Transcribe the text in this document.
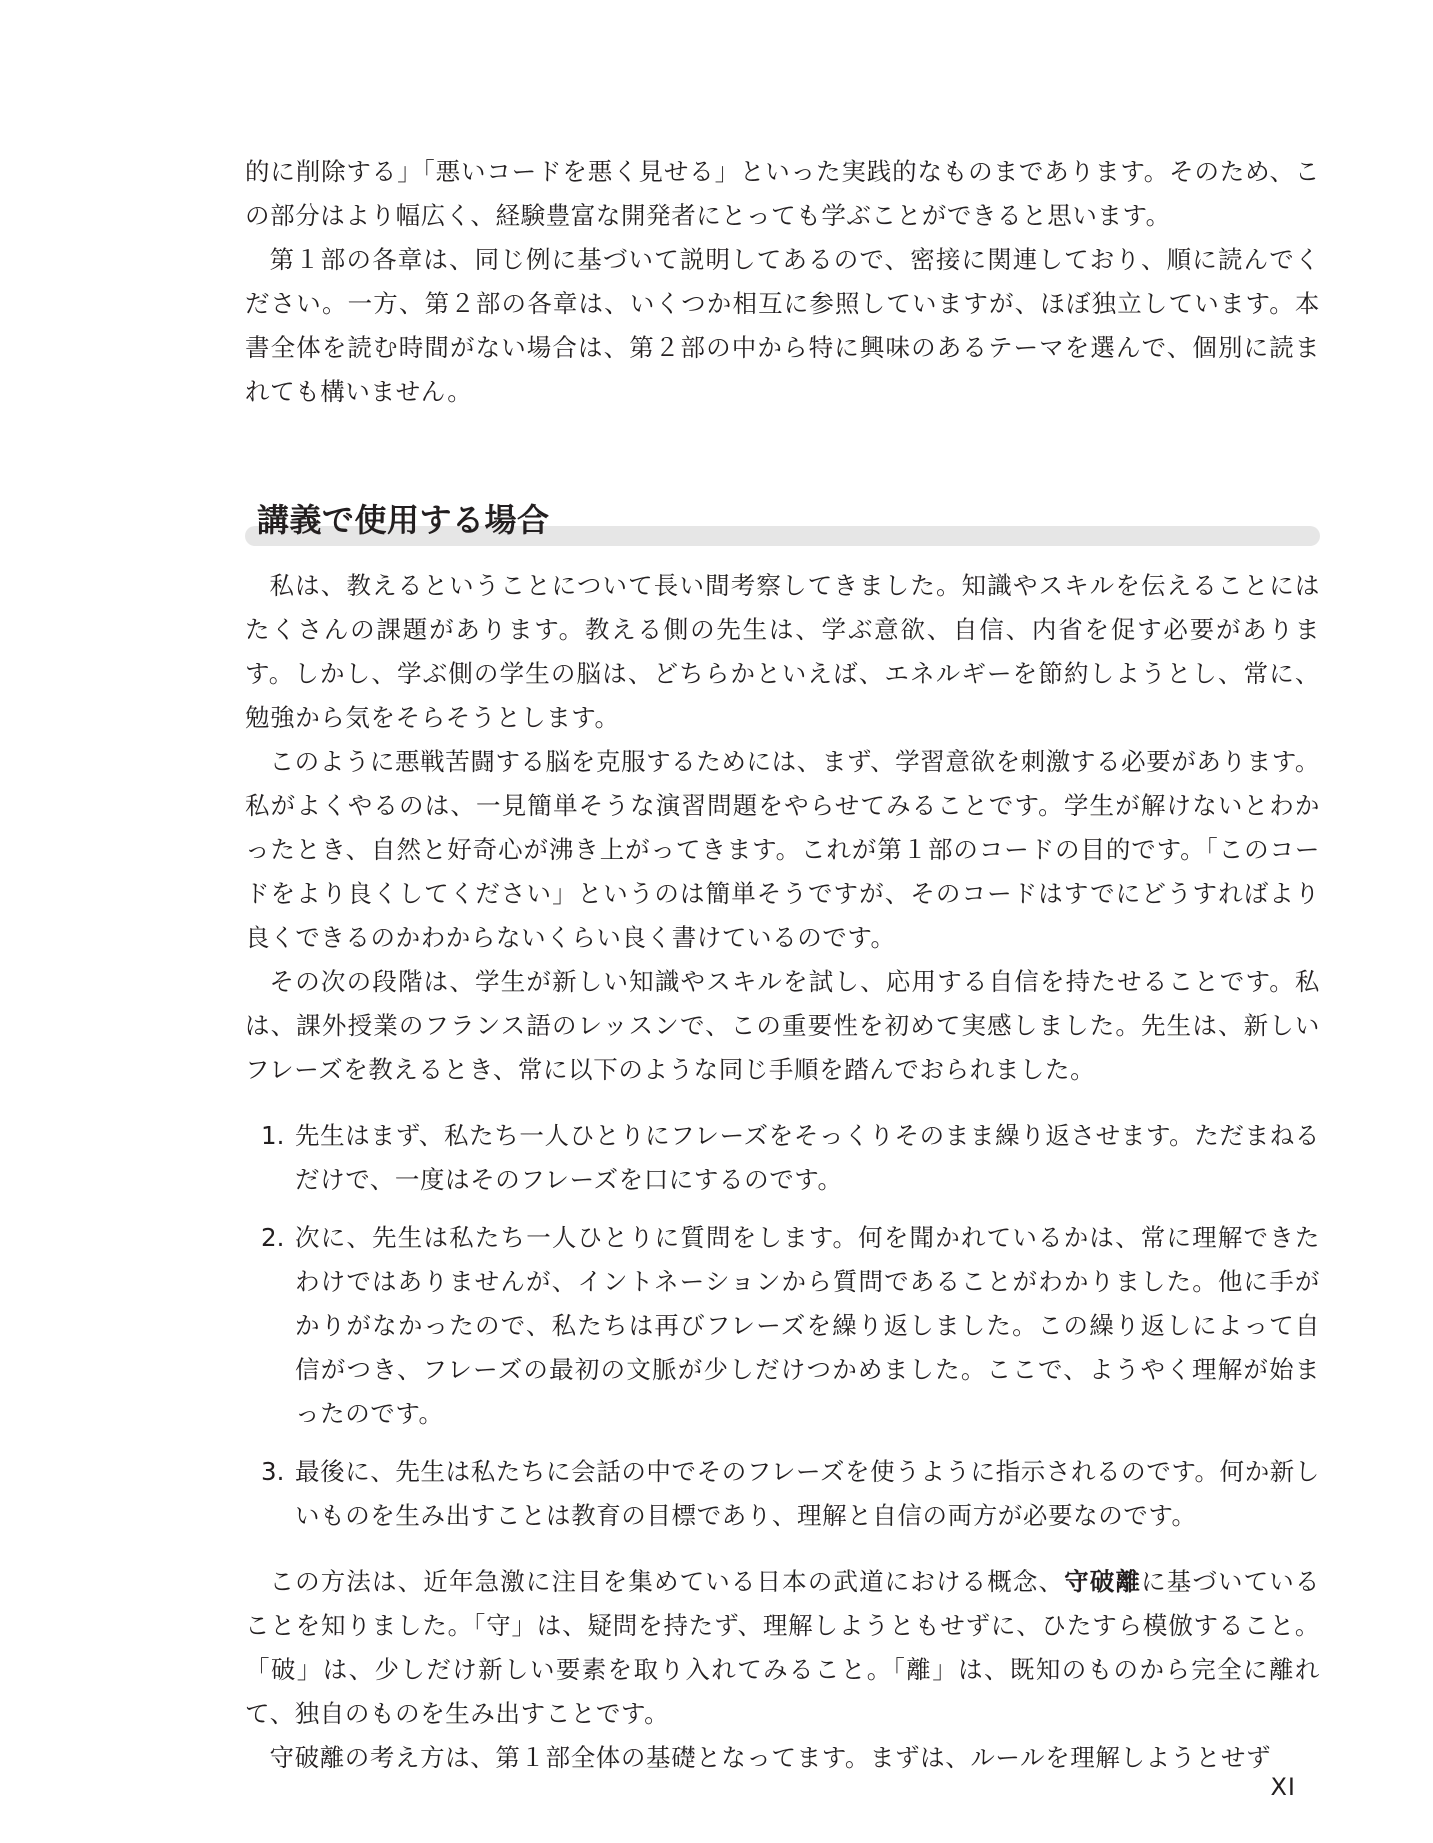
的に削除する」「悪いコードを悪く見せる」といった実践的なものまであります。そのため、この部分はより幅広く、経験豊富な開発者にとっても学ぶことができると思います。

第１部の各章は、同じ例に基づいて説明してあるので、密接に関連しており、順に読んでください。一方、第２部の各章は、いくつか相互に参照していますが、ほぼ独立しています。本書全体を読む時間がない場合は、第２部の中から特に興味のあるテーマを選んで、個別に読まれても構いません。

講義で使用する場合

私は、教えるということについて長い間考察してきました。知識やスキルを伝えることにはたくさんの課題があります。教える側の先生は、学ぶ意欲、自信、内省を促す必要があります。しかし、学ぶ側の学生の脳は、どちらかといえば、エネルギーを節約しようとし、常に、勉強から気をそらそうとします。

このように悪戦苦闘する脳を克服するためには、まず、学習意欲を刺激する必要があります。私がよくやるのは、一見簡単そうな演習問題をやらせてみることです。学生が解けないとわかったとき、自然と好奇心が沸き上がってきます。これが第１部のコードの目的です。「このコードをより良くしてください」というのは簡単そうですが、そのコードはすでにどうすればより良くできるのかわからないくらい良く書けているのです。

その次の段階は、学生が新しい知識やスキルを試し、応用する自信を持たせることです。私は、課外授業のフランス語のレッスンで、この重要性を初めて実感しました。先生は、新しいフレーズを教えるとき、常に以下のような同じ手順を踏んでおられました。

1. 先生はまず、私たち一人ひとりにフレーズをそっくりそのまま繰り返させます。ただまねるだけで、一度はそのフレーズを口にするのです。

2. 次に、先生は私たち一人ひとりに質問をします。何を聞かれているかは、常に理解できたわけではありませんが、イントネーションから質問であることがわかりました。他に手がかりがなかったので、私たちは再びフレーズを繰り返しました。この繰り返しによって自信がつき、フレーズの最初の文脈が少しだけつかめました。ここで、ようやく理解が始まったのです。

3. 最後に、先生は私たちに会話の中でそのフレーズを使うように指示されるのです。何か新しいものを生み出すことは教育の目標であり、理解と自信の両方が必要なのです。

この方法は、近年急激に注目を集めている日本の武道における概念、守破離に基づいていることを知りました。「守」は、疑問を持たず、理解しようともせずに、ひたすら模倣すること。「破」は、少しだけ新しい要素を取り入れてみること。「離」は、既知のものから完全に離れて、独自のものを生み出すことです。

守破離の考え方は、第１部全体の基礎となってます。まずは、ルールを理解しようとせず

XI
